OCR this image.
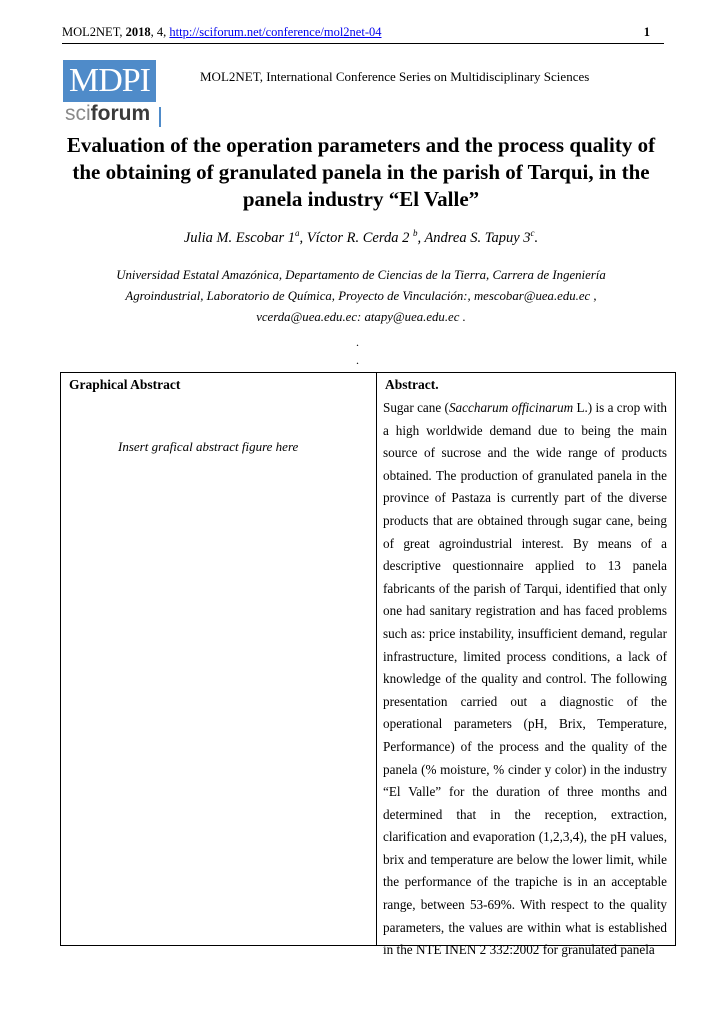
MOL2NET, 2018, 4, http://sciforum.net/conference/mol2net-04	1
MDPI
sciforum
MOL2NET, International Conference Series on Multidisciplinary Sciences
Evaluation of the operation parameters and the process quality of the obtaining of granulated panela in the parish of Tarqui, in the panela industry “El Valle”
Julia M. Escobar 1$^a$, Víctor R. Cerda 2 $^b$, Andrea S. Tapuy 3$^c$.
Universidad Estatal Amazónica, Departamento de Ciencias de la Tierra, Carrera de Ingeniería
Agroindustrial, Laboratorio de Química, Proyecto de Vinculación:, mescobar@uea.edu.ec ,
vcerda@uea.edu.ec: atapy@uea.edu.ec .
.
.
Graphical Abstract
Insert grafical abstract figure here
Abstract.
Sugar cane (Saccharum officinarum L.) is a crop with a high worldwide demand due to being the main source of sucrose and the wide range of products obtained. The production of granulated panela in the province of Pastaza is currently part of the diverse products that are obtained through sugar cane, being of great agroindustrial interest. By means of a descriptive questionnaire applied to 13 panela fabricants of the parish of Tarqui, identified that only one had sanitary registration and has faced problems such as: price instability, insufficient demand, regular infrastructure, limited process conditions, a lack of knowledge of the quality and control. The following presentation carried out a diagnostic of the operational parameters (pH, Brix, Temperature, Performance) of the process and the quality of the panela (% moisture, % cinder y color) in the industry “El Valle” for the duration of three months and determined that in the reception, extraction, clarification and evaporation (1,2,3,4), the pH values, brix and temperature are below the lower limit, while the performance of the trapiche is in an acceptable range, between 53-69%. With respect to the quality parameters, the values are within what is established in the NTE INEN 2 332:2002 for granulated panela
